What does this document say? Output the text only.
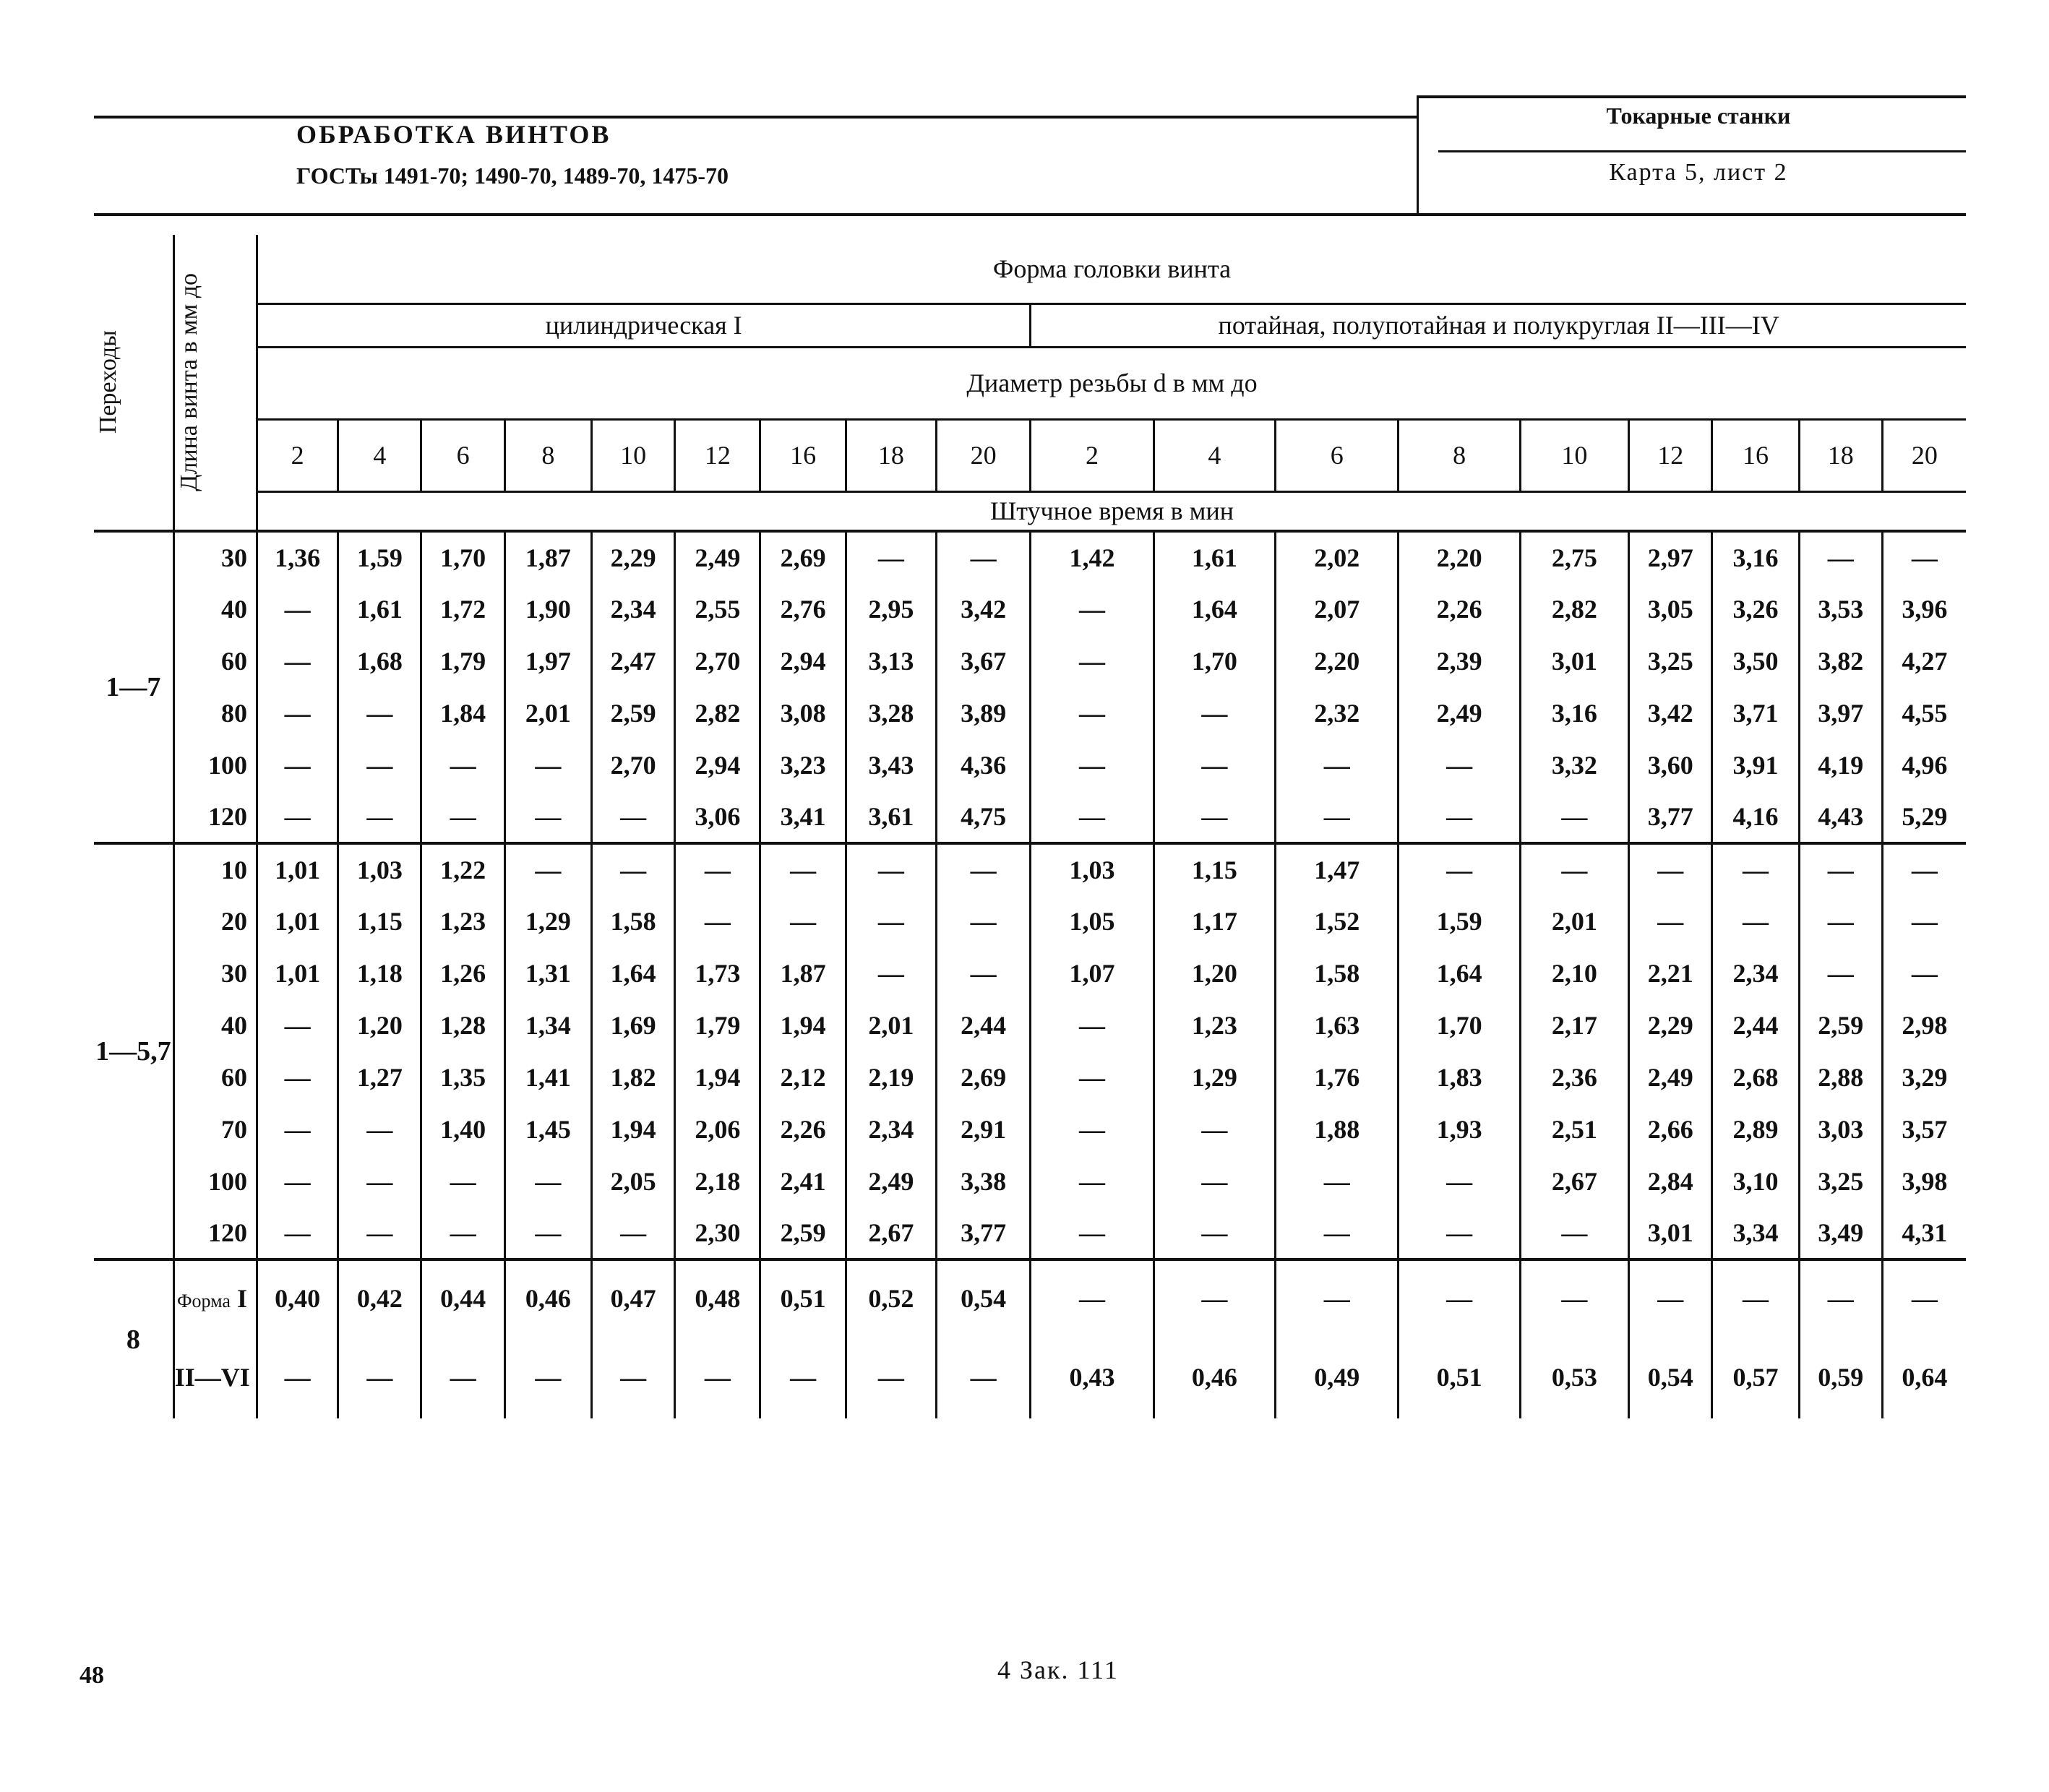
ОБРАБОТКА ВИНТОВ
ГОСТы 1491-70; 1490-70, 1489-70, 1475-70
Токарные станки
Карта 5, лист 2
Переходы	Длина винта в мм до	Форма головки винта																	
		цилиндрическая I									потайная, полупотайная и полукруглая II—III—IV								
		Диаметр резьбы d в мм до																	
		2	4	6	8	10	12	16	18	20	2	4	6	8	10	12	16	18	20
		Штучное время в мин																	
1—7	30	1,36	1,59	1,70	1,87	2,29	2,49	2,69	—	—	1,42	1,61	2,02	2,20	2,75	2,97	3,16	—	—
	40	—	1,61	1,72	1,90	2,34	2,55	2,76	2,95	3,42	—	1,64	2,07	2,26	2,82	3,05	3,26	3,53	3,96
	60	—	1,68	1,79	1,97	2,47	2,70	2,94	3,13	3,67	—	1,70	2,20	2,39	3,01	3,25	3,50	3,82	4,27
	80	—	—	1,84	2,01	2,59	2,82	3,08	3,28	3,89	—	—	2,32	2,49	3,16	3,42	3,71	3,97	4,55
	100	—	—	—	—	2,70	2,94	3,23	3,43	4,36	—	—	—	—	3,32	3,60	3,91	4,19	4,96
	120	—	—	—	—	—	3,06	3,41	3,61	4,75	—	—	—	—	—	3,77	4,16	4,43	5,29
1—5,7	10	1,01	1,03	1,22	—	—	—	—	—	—	1,03	1,15	1,47	—	—	—	—	—	—
	20	1,01	1,15	1,23	1,29	1,58	—	—	—	—	1,05	1,17	1,52	1,59	2,01	—	—	—	—
	30	1,01	1,18	1,26	1,31	1,64	1,73	1,87	—	—	1,07	1,20	1,58	1,64	2,10	2,21	2,34	—	—
	40	—	1,20	1,28	1,34	1,69	1,79	1,94	2,01	2,44	—	1,23	1,63	1,70	2,17	2,29	2,44	2,59	2,98
	60	—	1,27	1,35	1,41	1,82	1,94	2,12	2,19	2,69	—	1,29	1,76	1,83	2,36	2,49	2,68	2,88	3,29
	70	—	—	1,40	1,45	1,94	2,06	2,26	2,34	2,91	—	—	1,88	1,93	2,51	2,66	2,89	3,03	3,57
	100	—	—	—	—	2,05	2,18	2,41	2,49	3,38	—	—	—	—	2,67	2,84	3,10	3,25	3,98
	120	—	—	—	—	—	2,30	2,59	2,67	3,77	—	—	—	—	—	3,01	3,34	3,49	4,31
8	Форма I	0,40	0,42	0,44	0,46	0,47	0,48	0,51	0,52	0,54	—	—	—	—	—	—	—	—	—
	II—VI	—	—	—	—	—	—	—	—	—	0,43	0,46	0,49	0,51	0,53	0,54	0,57	0,59	0,64
48	4 Зак. 111
